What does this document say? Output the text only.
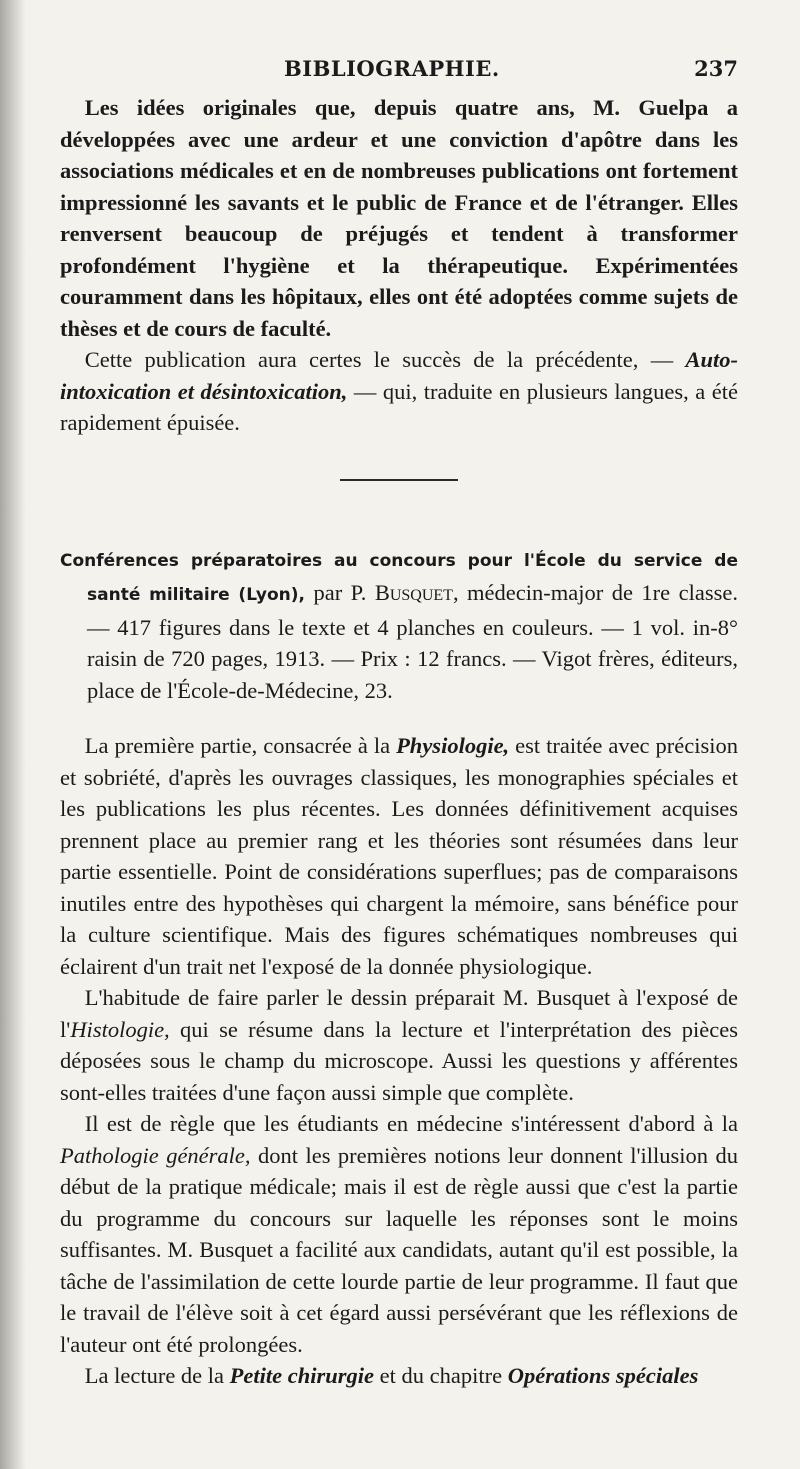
BIBLIOGRAPHIE.	237

Les idées originales que, depuis quatre ans, M. Guelpa a développées avec une ardeur et une conviction d'apôtre dans les associations médicales et en de nombreuses publications ont fortement impressionné les savants et le public de France et de l'étranger. Elles renversent beaucoup de préjugés et tendent à transformer profondément l'hygiène et la thérapeutique. Expérimentées couramment dans les hôpitaux, elles ont été adoptées comme sujets de thèses et de cours de faculté.

Cette publication aura certes le succès de la précédente, — Auto-intoxication et désintoxication, — qui, traduite en plusieurs langues, a été rapidement épuisée.

Conférences préparatoires au concours pour l'École du service de santé militaire (Lyon), par P. Busquet, médecin-major de 1re classe. — 417 figures dans le texte et 4 planches en couleurs. — 1 vol. in-8° raisin de 720 pages, 1913. — Prix : 12 francs. — Vigot frères, éditeurs, place de l'École-de-Médecine, 23.

La première partie, consacrée à la Physiologie, est traitée avec précision et sobriété, d'après les ouvrages classiques, les monographies spéciales et les publications les plus récentes. Les données définitivement acquises prennent place au premier rang et les théories sont résumées dans leur partie essentielle. Point de considérations superflues; pas de comparaisons inutiles entre des hypothèses qui chargent la mémoire, sans bénéfice pour la culture scientifique. Mais des figures schématiques nombreuses qui éclairent d'un trait net l'exposé de la donnée physiologique.

L'habitude de faire parler le dessin préparait M. Busquet à l'exposé de l'Histologie, qui se résume dans la lecture et l'interprétation des pièces déposées sous le champ du microscope. Aussi les questions y afférentes sont-elles traitées d'une façon aussi simple que complète.

Il est de règle que les étudiants en médecine s'intéressent d'abord à la Pathologie générale, dont les premières notions leur donnent l'illusion du début de la pratique médicale; mais il est de règle aussi que c'est la partie du programme du concours sur laquelle les réponses sont le moins suffisantes. M. Busquet a facilité aux candidats, autant qu'il est possible, la tâche de l'assimilation de cette lourde partie de leur programme. Il faut que le travail de l'élève soit à cet égard aussi persévérant que les réflexions de l'auteur ont été prolongées.

La lecture de la Petite chirurgie et du chapitre Opérations spéciales
